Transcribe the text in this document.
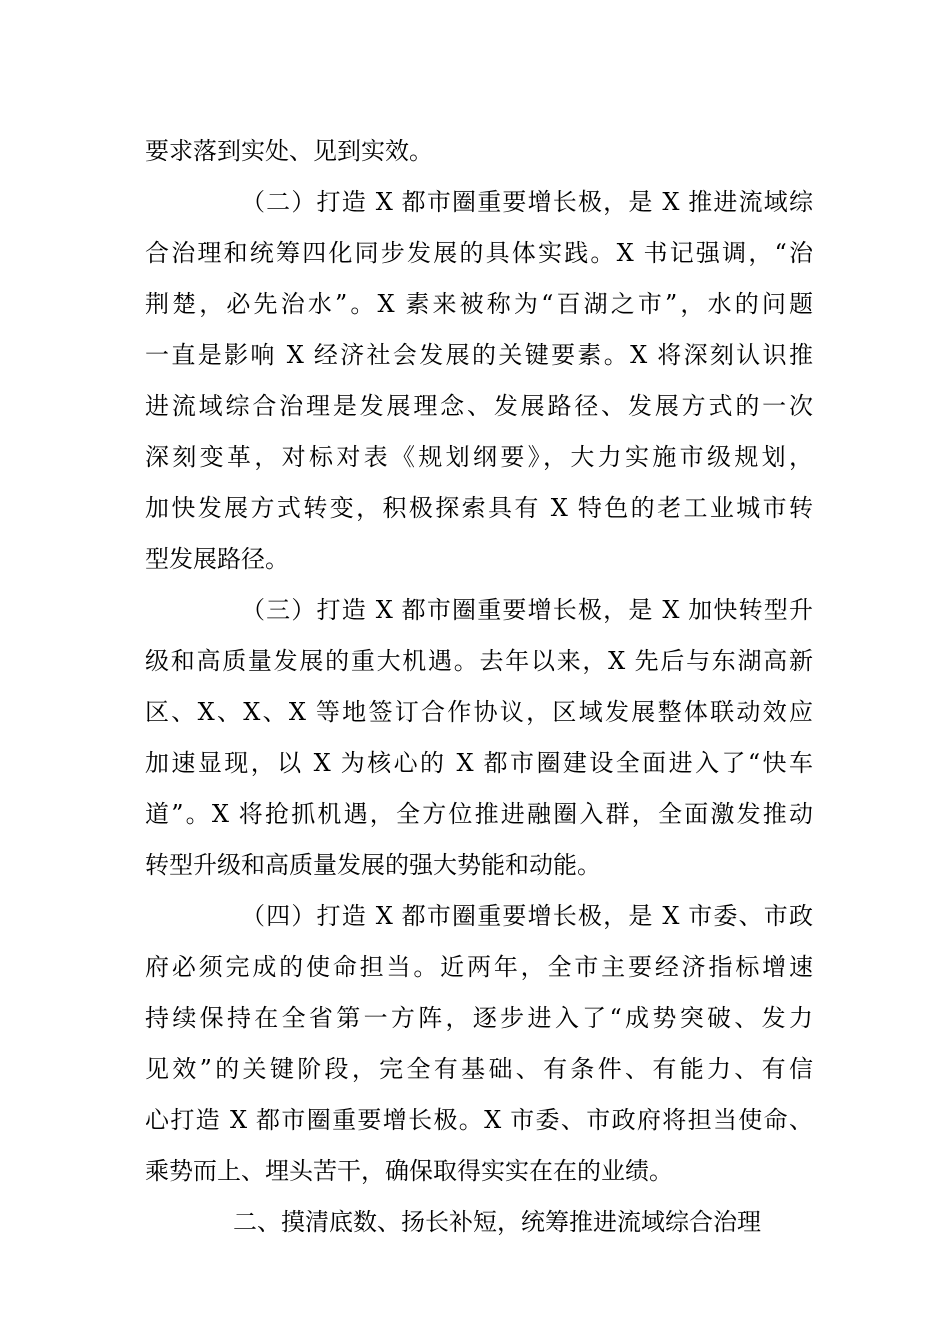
要求落到实处、见到实效。
（二）打造 X 都市圈重要增长极，是 X 推进流域综
合治理和统筹四化同步发展的具体实践。X 书记强调，“治
荆楚，必先治水”。X 素来被称为“百湖之市”，水的问题
一直是影响 X 经济社会发展的关键要素。X 将深刻认识推
进流域综合治理是发展理念、发展路径、发展方式的一次
深刻变革，对标对表《规划纲要》，大力实施市级规划，
加快发展方式转变，积极探索具有 X 特色的老工业城市转
型发展路径。
（三）打造 X 都市圈重要增长极，是 X 加快转型升
级和高质量发展的重大机遇。去年以来，X 先后与东湖高新
区、X、X、X 等地签订合作协议，区域发展整体联动效应
加速显现，以 X 为核心的 X 都市圈建设全面进入了“快车
道”。X 将抢抓机遇，全方位推进融圈入群，全面激发推动
转型升级和高质量发展的强大势能和动能。
（四）打造 X 都市圈重要增长极，是 X 市委、市政
府必须完成的使命担当。近两年，全市主要经济指标增速
持续保持在全省第一方阵，逐步进入了“成势突破、发力
见效”的关键阶段，完全有基础、有条件、有能力、有信
心打造 X 都市圈重要增长极。X 市委、市政府将担当使命、
乘势而上、埋头苦干，确保取得实实在在的业绩。
二、摸清底数、扬长补短，统筹推进流域综合治理
